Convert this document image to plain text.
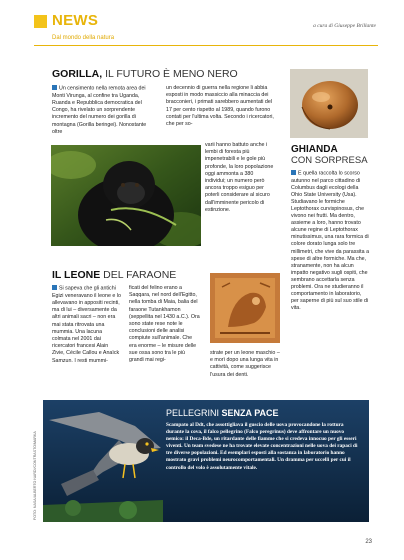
NEWS
Dal mondo della natura
a cura di Giuseppe Brillante
GORILLA, IL FUTURO È MENO NERO
Un censimento nella remota area dei Monti Virunga, al confine tra Uganda, Ruanda e Repubblica democratica del Congo, ha rivelato un sorprendente incremento del numero dei gorilla di montagna (Gorilla beringei). Nonostante oltre
un decennio di guerra nella regione li abbia esposti in modo massiccio alla minaccia dei bracconieri, i primati sarebbero aumentati del 17 per cento rispetto al 1989, quando furono contati per l'ultima volta. Secondo i ricercatori, che per so-
varii hanno battuto anche i lembi di foresta più impenetrabili e le gole più profonde, la loro popolazione oggi ammonta a 380 individui; un numero però ancora troppo esiguo per poterli considerare al sicuro dall'imminente pericolo di estinzione.
GHIANDA
CON SORPRESA
E quella raccolta lo scorso autunno nel parco cittadino di Columbus dagli ecologi della Ohio State University (Usa). Studiavano le formiche Leptothorax curvispinosus, che vivono nei frutti. Ma dentro, assieme a loro, hanno trovato alcune regine di Leptothorax minutissimus, una rara formica di colore dorato lunga solo tre millimetri, che vive da parassita a spese di altre formiche. Ma che, stranamente, non ha alcun impatto negativo sugli ospiti, che sembrano accettarla senza problemi. Ora ne studieranno il comportamento in laboratorio, per saperne di più sul suo stile di vita.
IL LEONE DEL FARAONE
Si sapeva che gli antichi Egizi veneravano il leone e lo allevavano in appositi recinti, ma di lui – diversamente da altri animali sacri – non era mai stata ritrovata una mummia. Una lacuna colmata nel 2001 dai ricercatori francesi Alain Zivie, Cécile Callou e Anaïck Samzun. I resti mummi-
ficati del felino erano a Saqqara, nel nord dell'Egitto, nella tomba di Maia, balia del faraone Tutankhamon (seppellita nel 1430 a.C.). Ora sono state rese note le conclusioni delle analisi compiute sull'animale. Che era enorme – le misure delle sue ossa sono tra le più grandi mai regi-
strate per un leone maschio – e morì dopo una lunga vita in cattività, come suggerisce l'usura dei denti.
PELLEGRINI SENZA PACE
Scampato al Ddt, che assottigliava il guscio delle uova provocandone la rottura durante la cova, il falco pellegrino (Falco peregrinus) deve affrontare un nuovo nemico: il Deca-Bde, un ritardante delle fiamme che si credeva innocuo per gli esseri viventi. Un team svedese ne ha trovate elevate concentrazioni nelle uova dei rapaci di tre diverse popolazioni. Ed esemplari esposti alla sostanza in laboratorio hanno mostrato gravi problemi neurocomportamentali. Un dramma per uccelli per cui il controllo del volo è assolutamente vitale.
FOTO: NASA/ALBERTO NARDI/CONTRASTO/MARKA
23
